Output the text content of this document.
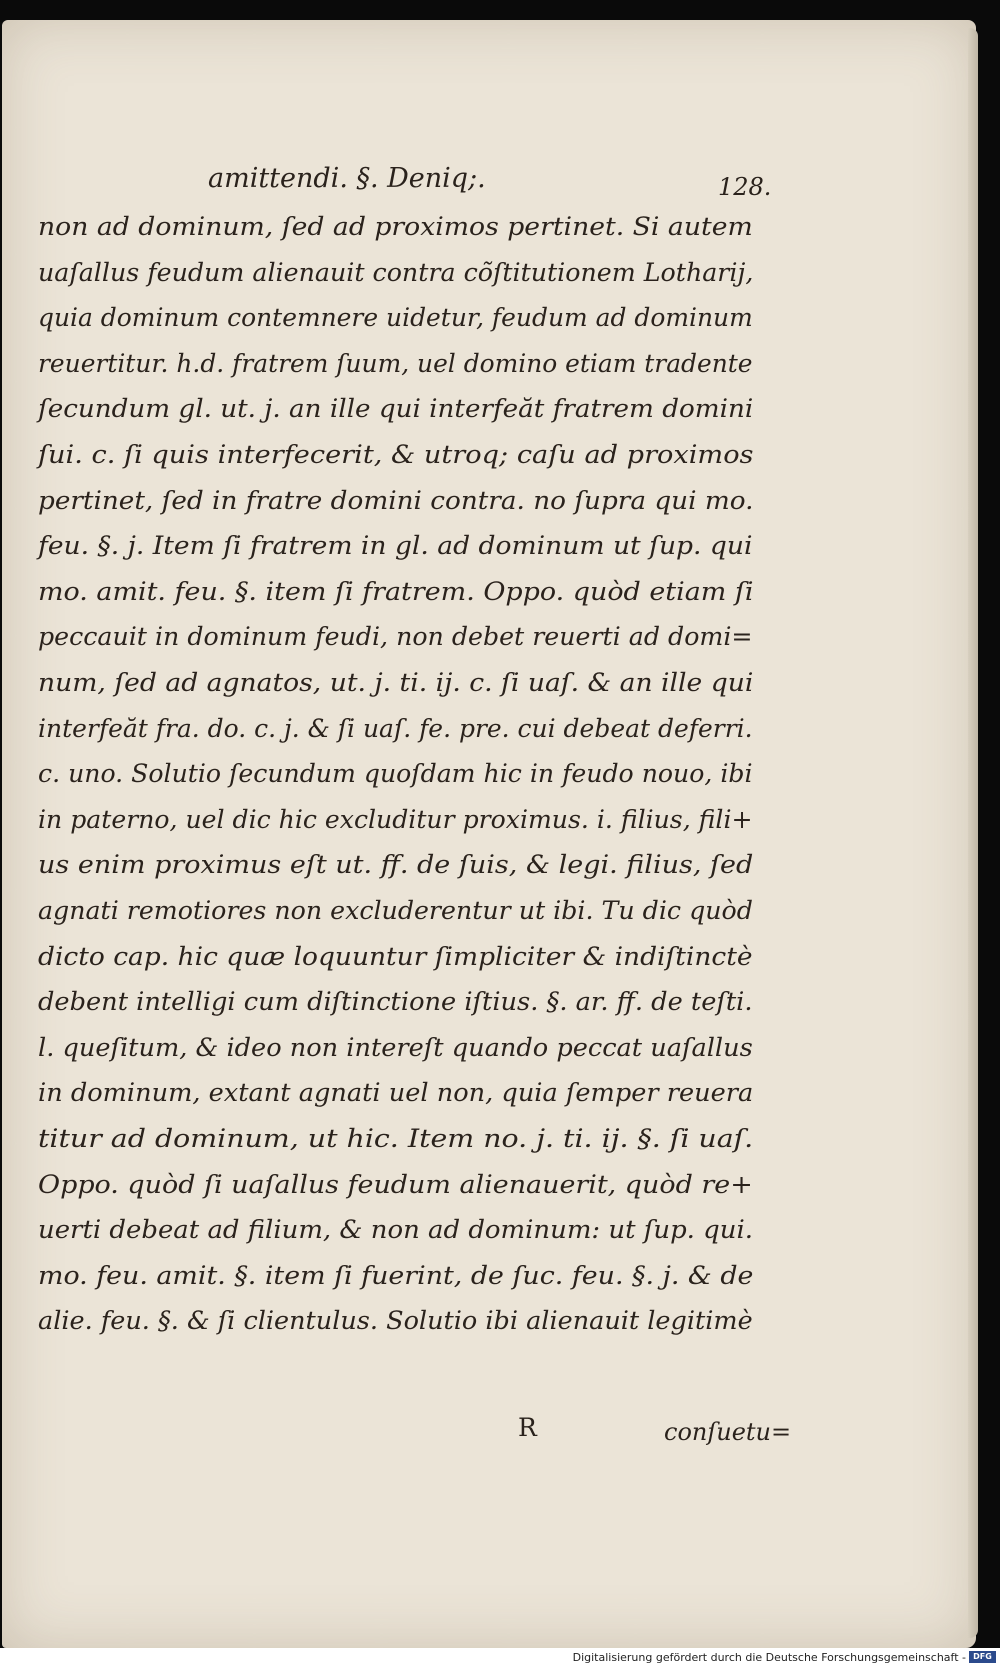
amittendi. §. Deniq;.	128.
non ad dominum, ſed ad proximos pertinet. Si autem
uaſallus feudum alienauit contra cõſtitutionem Lotharij,
quia dominum contemnere uidetur, feudum ad dominum
reuertitur. h.d. fratrem ſuum, uel domino etiam tradente
ſecundum gl. ut. j. an ille qui interfeăt fratrem domini
ſui. c. ſi quis interfecerit, & utroq; caſu ad proximos
pertinet, ſed in fratre domini contra. no ſupra qui mo.
feu. §. j. Item ſi fratrem in gl. ad dominum ut ſup. qui
mo. amit. feu. §. item ſi fratrem. Oppo. quòd etiam ſi
peccauit in dominum feudi, non debet reuerti ad domi=
num, ſed ad agnatos, ut. j. ti. ij. c. ſi uaſ. & an ille qui
interfeăt fra. do. c. j. & ſi uaſ. fe. pre. cui debeat deferri.
c. uno. Solutio ſecundum quoſdam hic in feudo nouo, ibi
in paterno, uel dic hic excluditur proximus. i. filius, fili+
us enim proximus eſt ut. ff. de ſuis, & legi. filius, ſed
agnati remotiores non excluderentur ut ibi. Tu dic quòd
dicto cap. hic quæ loquuntur ſimpliciter & indiſtinctè
debent intelligi cum diſtinctione iſtius. §. ar. ff. de teſti.
l. queſitum, & ideo non intereſt quando peccat uaſallus
in dominum, extant agnati uel non, quia ſemper reuera
titur ad dominum, ut hic. Item no. j. ti. ij. §. ſi uaſ.
Oppo. quòd ſi uaſallus feudum alienauerit, quòd re+
uerti debeat ad filium, & non ad dominum: ut ſup. qui.
mo. feu. amit. §. item ſi fuerint, de ſuc. feu. §. j. & de
alie. feu. §. & ſi clientulus. Solutio ibi alienauit legitimè
R	conſuetu=
Digitalisierung gefördert durch die Deutsche Forschungsgemeinschaft - DFG
